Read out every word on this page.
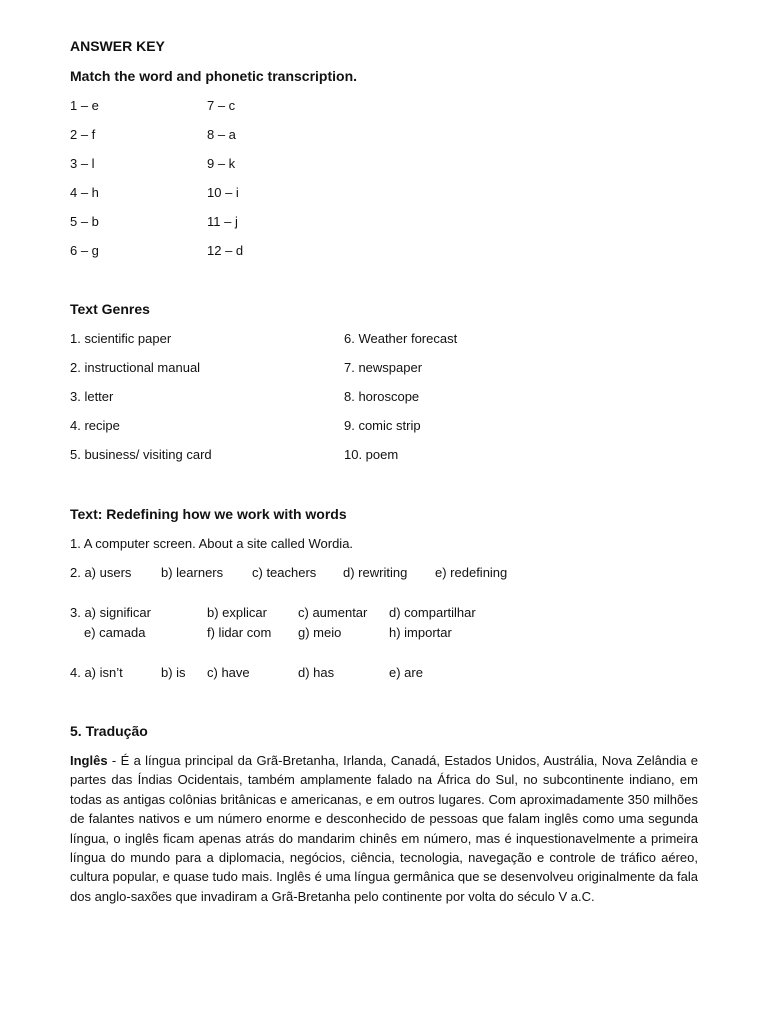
ANSWER KEY
Match the word and phonetic transcription.
1 – e
2 – f
3 – l
4 – h
5 – b
6 – g
7 – c
8 – a
9 – k
10 – i
11 – j
12 – d
Text Genres
1. scientific paper
2. instructional manual
3. letter
4. recipe
5. business/ visiting card
6. Weather forecast
7. newspaper
8. horoscope
9. comic strip
10. poem
Text: Redefining how we work with words
1. A computer screen. About a site called Wordia.
2. a) users b) learners c) teachers d) rewriting e) redefining
3. a) significar	b) explicar c) aumentar d) compartilhar
e) camada	f) lidar com g) meio	h) importar
4. a) isn’t	b) is c) have	d) has	e) are
5. Tradução
Inglês - É a língua principal da Grã-Bretanha, Irlanda, Canadá, Estados Unidos, Austrália, Nova Zelândia e partes das Índias Ocidentais, também amplamente falado na África do Sul, no subcontinente indiano, em todas as antigas colônias britânicas e americanas, e em outros lugares. Com aproximadamente 350 milhões de falantes nativos e um número enorme e desconhecido de pessoas que falam inglês como uma segunda língua, o inglês ficam apenas atrás do mandarim chinês em número, mas é inquestionavelmente a primeira língua do mundo para a diplomacia, negócios, ciência, tecnologia, navegação e controle de tráfico aéreo, cultura popular, e quase tudo mais. Inglês é uma língua germânica que se desenvolveu originalmente da fala dos anglo-saxões que invadiram a Grã-Bretanha pelo continente por volta do século V a.C.
